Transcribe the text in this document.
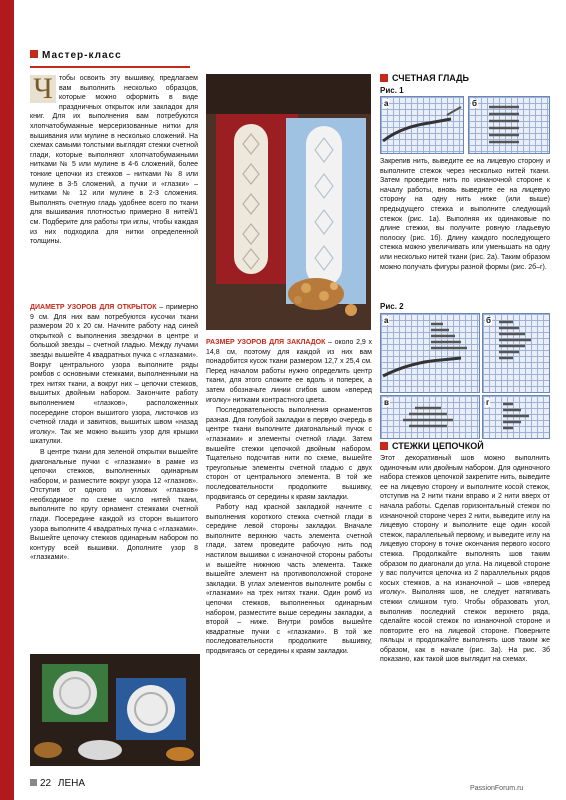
Мастер-класс
Ч тобы освоить эту вышивку, предлагаем вам выполнить несколько образцов, которые можно оформить в виде праздничных открыток или закладок для книг. Для их выполнения вам потребуются хлопчатобумажные мерсеризованные нитки для вышивания или мулине в несколько сложений. На схемах самыми толстыми выглядят стежки счетной глади, которые выполняют хлопчатобумажными нитками № 5 или мулине в 4-6 сложений, более тонкие цепочки из стежков – нитками № 8 или мулине в 3-5 сложений, а пучки и «глазки» – нитками № 12 или мулине в 2-3 сложения. Выполнять счетную гладь удобнее всего по ткани для вышивания плотностью примерно 8 нитей/1 см. Подберите для работы три иглы, чтобы каждая из них подходила для нитки определенной толщины.

ДИАМЕТР УЗОРОВ ДЛЯ ОТКРЫТОК – примерно 9 см. Для них вам потребуются кусочки ткани размером 20 х 20 см. Начните работу над синей открыткой с выполнения звездочки в центре и большой звезды – счетной гладью. Между лучами звезды вышейте 4 квадратных пучка с «глазками». Вокруг центрального узора выполните ряды ромбов с основными стежками, выполненными на трех нитях ткани, а вокруг них – цепочки стежков, вышитых двойным набором. Закончите работу выполнением «глазков», расположенных посередине сторон вышитого узора, листочков из счетной глади и завитков, вышитых швом «назад иголку». Так же можно вышить узор для крышки шкатулки.

В центре ткани для зеленой открытки вышейте диагональные пучки с «глазками» в рамке из цепочки стежков, выполненных одинарным набором, и разместите вокруг узора 12 «глазков». Отступив от одного из угловых «глазков» необходимое по схеме число нитей ткани, выполните по кругу орнамент стежками счетной глади. Посередине каждой из сторон вышитого узора выполните 4 квадратных пучка с «глазками». Вышейте цепочку стежков одинарным набором по контуру всей вышивки. Дополните узор 8 «глазками».

РАЗМЕР УЗОРОВ ДЛЯ ЗАКЛАДОК – около 2,9 х 14,8 см, поэтому для каждой из них вам понадобится кусок ткани размером 12,7 х 25,4 см. Перед началом работы нужно определить центр ткани, для этого сложите ее вдоль и поперек, а затем обозначьте линии сгибов швом «вперед иголку» нитками контрастного цвета.

Последовательность выполнения орнаментов разная. Для голубой закладки в первую очередь в центре ткани выполните диагональный пучок с «глазками» и элементы счетной глади. Затем вышейте стежки цепочкой двойным набором. Тщательно подсчитав нити по схеме, вышейте треугольные элементы счетной гладью с двух сторон от центрального элемента. В той же последовательности продолжите вышивку, продвигаясь от середины к краям закладки.

Работу над красной закладкой начните с выполнения короткого стежка счетной глади в середине левой стороны закладки. Вначале выполните верхнюю часть элемента счетной глади, затем проведите рабочую нить под настилом вышивки с изнаночной стороны работы и вышейте нижнюю часть элемента. Также вышейте элемент на противоположной стороне закладки. В углах элементов выполните ромбы с «глазками» на трех нитях ткани. Один ромб из цепочки стежков, выполненных одинарным набором, разместите выше середины закладки, а второй – ниже. Внутри ромбов вышейте квадратные пучки с «глазками». В той же последовательности продолжите вышивку, продвигаясь от середины к краям закладки.

СЧЕТНАЯ ГЛАДЬ
Рис. 1
а	б

Закрепив нить, выведите ее на лицевую сторону и выполните стежок через несколько нитей ткани. Затем проведите нить по изнаночной стороне к началу работы, вновь выведите ее на лицевую сторону на одну нить ниже (или выше) предыдущего стежка и выполните следующий стежок (рис. 1а). Выполняя их одинаковые по длине стежки, вы получите ровную гладьевую полоску (рис. 1б). Длину каждого последующего стежка можно увеличивать или уменьшать на одну или несколько нитей ткани (рис. 2а). Таким образом можно получать фигуры разной формы (рис. 2б–г).

Рис. 2
а	б
в	г
СТЕЖКИ ЦЕПОЧКОЙ

Этот декоративный шов можно выполнить одиночным или двойным набором. Для одиночного набора стежков цепочкой закрепите нить, выведите ее на лицевую сторону и выполните косой стежок, отступив на 2 нити ткани вправо и 2 нити вверх от начала работы. Сделав горизонтальный стежок по изнаночной стороне через 2 нити, выведите иглу на лицевую сторону и выполните еще один косой стежок, параллельный первому, и выведите иглу на лицевую сторону в точке окончания первого косого стежка. Продолжайте выполнять шов таким образом по диагонали до угла. На лицевой стороне у вас получится цепочка из 2 параллельных рядов косых стежков, а на изнаночной – шов «вперед иголку». Выполняя шов, не следует натягивать стежки слишком туго. Чтобы образовать угол, выполнив последний стежок верхнего ряда, сделайте косой стежок по изнаночной стороне и повторите его на лицевой стороне. Поверните пяльцы и продолжайте выполнять шов таким же образом, как в начале (рис. 3а). На рис. 3б показано, как такой шов выглядит на схемах.

22 ЛЕНА	PassionForum.ru
